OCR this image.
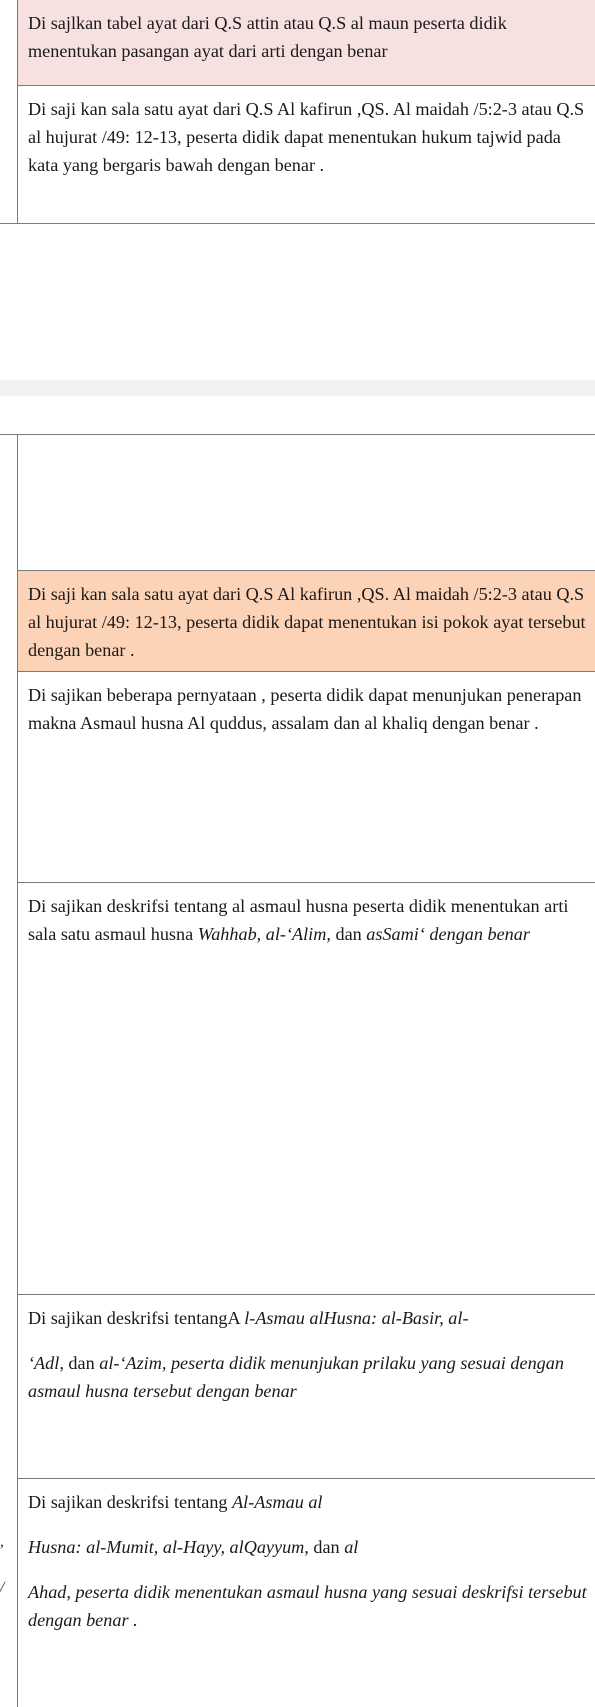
Di sajlkan tabel ayat dari Q.S attin atau Q.S al maun peserta didik menentukan pasangan ayat dari arti dengan benar

Di saji kan sala satu ayat dari Q.S Al kafirun ,QS. Al maidah /5:2-3 atau Q.S al hujurat /49: 12-13, peserta didik dapat menentukan hukum tajwid pada kata yang bergaris bawah dengan benar .

Di saji kan sala satu ayat dari Q.S Al kafirun ,QS. Al maidah /5:2-3 atau Q.S al hujurat /49: 12-13, peserta didik dapat menentukan isi pokok ayat tersebut dengan benar .

Di sajikan beberapa pernyataan , peserta didik dapat menunjukan penerapan makna Asmaul husna Al quddus, assalam dan al khaliq dengan benar .

Di sajikan deskrifsi tentang al asmaul husna peserta didik menentukan arti sala satu asmaul husna Wahhab, al-‘Alim, dan asSami‘ dengan benar

Di sajikan deskrifsi tentangA l-Asmau alHusna: al-Basir, al-

‘Adl, dan al-‘Azim, peserta didik menunjukan prilaku yang sesuai dengan asmaul husna tersebut dengan benar

Di sajikan deskrifsi tentang Al-Asmau al

Husna: al-Mumit, al-Hayy, alQayyum, dan al

Ahad, peserta didik menentukan asmaul husna yang sesuai deskrifsi tersebut dengan benar .

,
/
